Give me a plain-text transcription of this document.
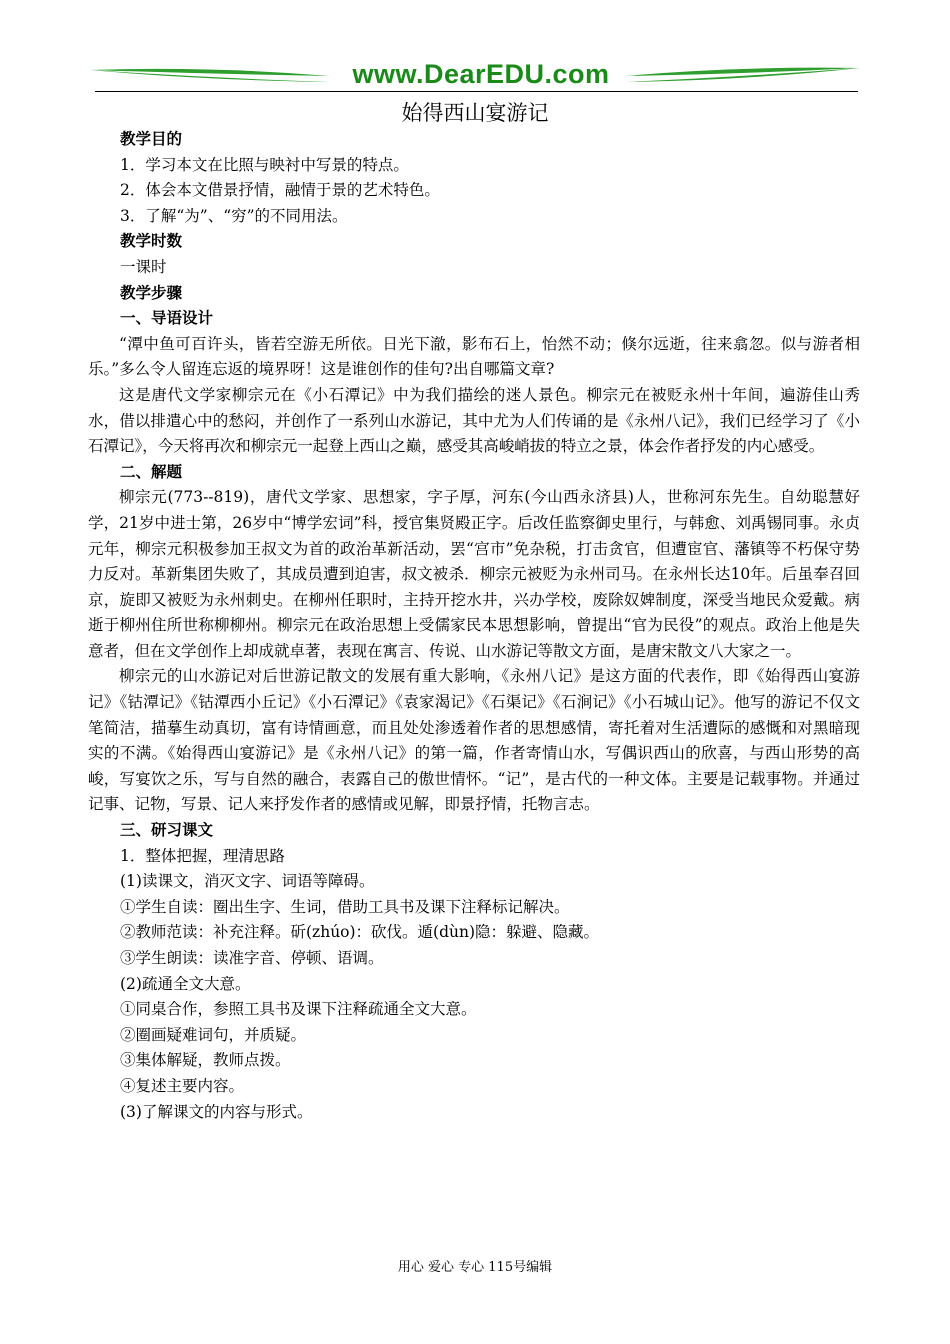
www.DearEDU.com
始得西山宴游记

教学目的

1．学习本文在比照与映衬中写景的特点。

2．体会本文借景抒情，融情于景的艺术特色。

3．了解“为”、“穷”的不同用法。

教学时数

一课时

教学步骤

一、导语设计

“潭中鱼可百许头，皆若空游无所依。日光下澈，影布石上，怡然不动；倏尔远逝，往来翕忽。似与游者相乐。”多么令人留连忘返的境界呀！这是谁创作的佳句?出自哪篇文章?

这是唐代文学家柳宗元在《小石潭记》中为我们描绘的迷人景色。柳宗元在被贬永州十年间，遍游佳山秀水，借以排遣心中的愁闷，并创作了一系列山水游记，其中尤为人们传诵的是《永州八记》，我们已经学习了《小石潭记》，今天将再次和柳宗元一起登上西山之巅，感受其高峻峭拔的特立之景，体会作者抒发的内心感受。

二、解题

柳宗元(773--819)，唐代文学家、思想家，字子厚，河东(今山西永济县)人，世称河东先生。自幼聪慧好学，21岁中进士第，26岁中“博学宏词”科，授官集贤殿正字。后改任监察御史里行，与韩愈、刘禹锡同事。永贞元年，柳宗元积极参加王叔文为首的政治革新活动，罢“宫市”免杂税，打击贪官，但遭宦官、藩镇等不朽保守势力反对。革新集团失败了，其成员遭到迫害，叔文被杀．柳宗元被贬为永州司马。在永州长达10年。后虽奉召回京，旋即又被贬为永州刺史。在柳州任职时，主持开挖水井，兴办学校，废除奴婢制度，深受当地民众爱戴。病逝于柳州住所世称柳柳州。柳宗元在政治思想上受儒家民本思想影响，曾提出“官为民役”的观点。政治上他是失意者，但在文学创作上却成就卓著，表现在寓言、传说、山水游记等散文方面，是唐宋散文八大家之一。

柳宗元的山水游记对后世游记散文的发展有重大影响，《永州八记》是这方面的代表作，即《始得西山宴游记》《钴潭记》《钴潭西小丘记》《小石潭记》《袁家渴记》《石渠记》《石涧记》《小石城山记》。他写的游记不仅文笔简洁，描摹生动真切，富有诗情画意，而且处处渗透着作者的思想感情，寄托着对生活遭际的感慨和对黑暗现实的不满。《始得西山宴游记》是《永州八记》的第一篇，作者寄情山水，写偶识西山的欣喜，与西山形势的高峻，写宴饮之乐，写与自然的融合，表露自己的傲世情怀。“记”，是古代的一种文体。主要是记载事物。并通过记事、记物，写景、记人来抒发作者的感情或见解，即景抒情，托物言志。

三、研习课文

1．整体把握，理清思路

(1)读课文，消灭文字、词语等障碍。

①学生自读：圈出生字、生词，借助工具书及课下注释标记解决。

②教师范读：补充注释。斫(zhúo)：砍伐。遁(dùn)隐：躲避、隐藏。

③学生朗读：读准字音、停顿、语调。

(2)疏通全文大意。

①同桌合作，参照工具书及课下注释疏通全文大意。

②圈画疑难词句，并质疑。

③集体解疑，教师点拨。

④复述主要内容。

(3)了解课文的内容与形式。

用心 爱心 专心 115号编辑
